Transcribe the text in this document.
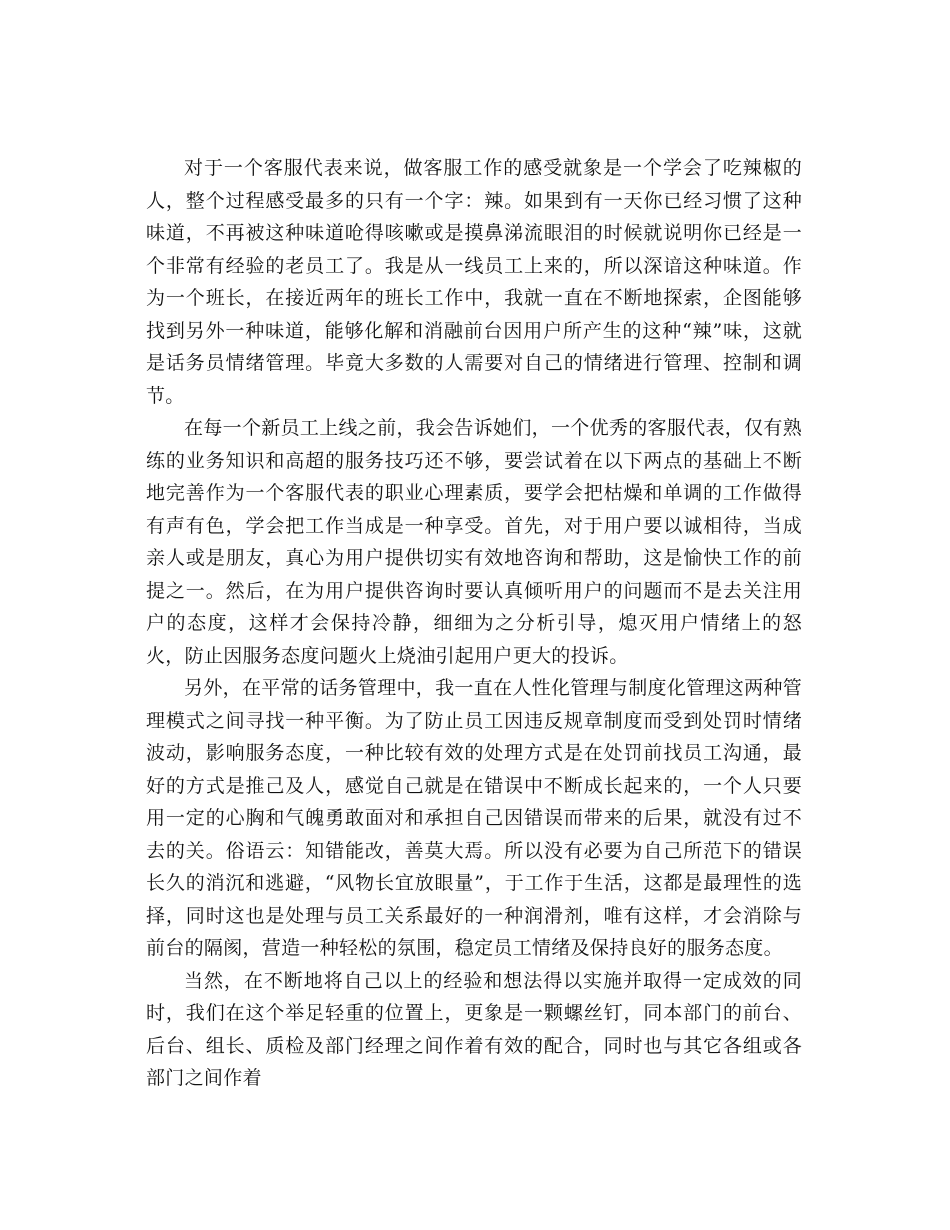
对于一个客服代表来说，做客服工作的感受就象是一个学会了吃辣椒的人，整个过程感受最多的只有一个字：辣。如果到有一天你已经习惯了这种味道，不再被这种味道呛得咳嗽或是摸鼻涕流眼泪的时候就说明你已经是一个非常有经验的老员工了。我是从一线员工上来的，所以深谙这种味道。作为一个班长，在接近两年的班长工作中，我就一直在不断地探索，企图能够找到另外一种味道，能够化解和消融前台因用户所产生的这种“辣”味，这就是话务员情绪管理。毕竟大多数的人需要对自己的情绪进行管理、控制和调节。

在每一个新员工上线之前，我会告诉她们，一个优秀的客服代表，仅有熟练的业务知识和高超的服务技巧还不够，要尝试着在以下两点的基础上不断地完善作为一个客服代表的职业心理素质，要学会把枯燥和单调的工作做得有声有色，学会把工作当成是一种享受。首先，对于用户要以诚相待，当成亲人或是朋友，真心为用户提供切实有效地咨询和帮助，这是愉快工作的前提之一。然后，在为用户提供咨询时要认真倾听用户的问题而不是去关注用户的态度，这样才会保持冷静，细细为之分析引导，熄灭用户情绪上的怒火，防止因服务态度问题火上烧油引起用户更大的投诉。

另外，在平常的话务管理中，我一直在人性化管理与制度化管理这两种管理模式之间寻找一种平衡。为了防止员工因违反规章制度而受到处罚时情绪波动，影响服务态度，一种比较有效的处理方式是在处罚前找员工沟通，最好的方式是推己及人，感觉自己就是在错误中不断成长起来的，一个人只要用一定的心胸和气魄勇敢面对和承担自己因错误而带来的后果，就没有过不去的关。俗语云：知错能改，善莫大焉。所以没有必要为自己所范下的错误长久的消沉和逃避，“风物长宜放眼量”，于工作于生活，这都是最理性的选择，同时这也是处理与员工关系最好的一种润滑剂，唯有这样，才会消除与前台的隔阂，营造一种轻松的氛围，稳定员工情绪及保持良好的服务态度。

当然，在不断地将自己以上的经验和想法得以实施并取得一定成效的同时，我们在这个举足轻重的位置上，更象是一颗螺丝钉，同本部门的前台、后台、组长、质检及部门经理之间作着有效的配合，同时也与其它各组或各部门之间作着
